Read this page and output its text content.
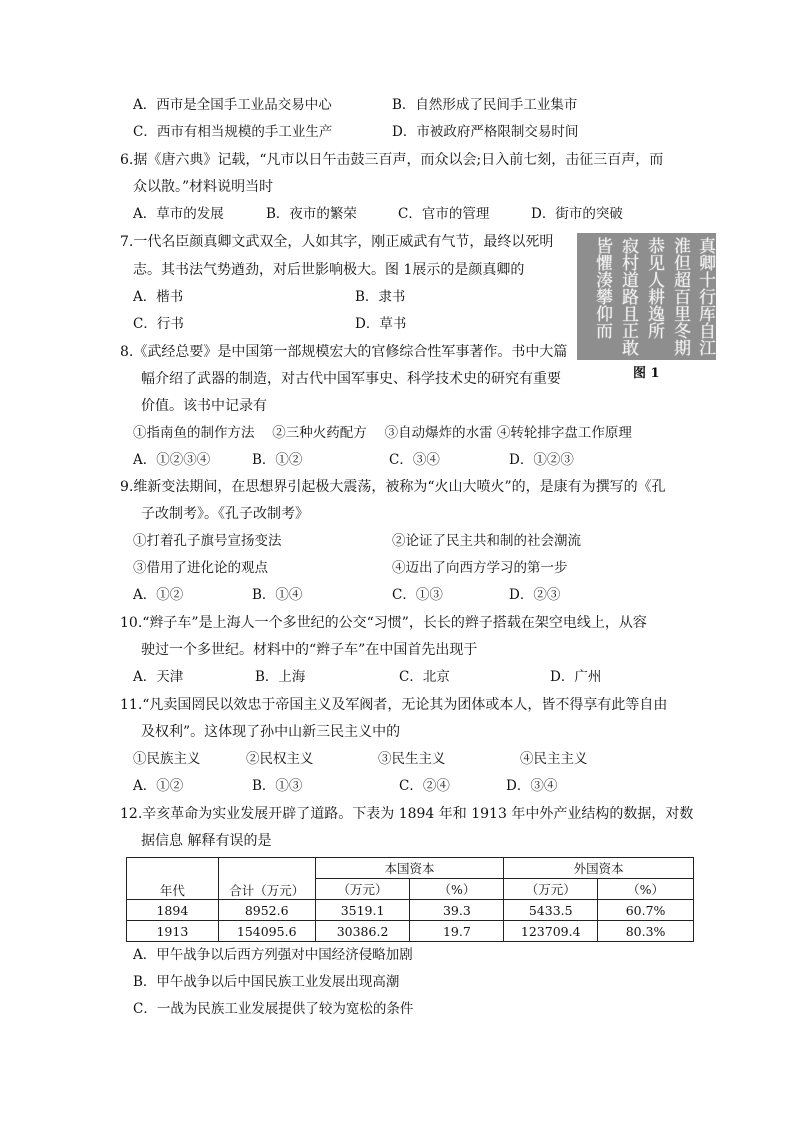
A．西市是全国手工业品交易中心	B．自然形成了民间手工业集市
C．西市有相当规模的手工业生产	D．市被政府严格限制交易时间
6.据《唐六典》记载，“凡市以日午击鼓三百声，而众以会;日入前七刻，击征三百声，而
众以散。”材料说明当时
A．草市的发展	B．夜市的繁荣	C．官市的管理	D．街市的突破
7.一代名臣颜真卿文武双全，人如其字，刚正威武有气节，最终以死明
志。其书法气势遒劲，对后世影响极大。图 1展示的是颜真卿的
A．楷书	B．隶书
C．行书	D．草书	真卿十行厍自江
淮但超百里冬期
恭见人耕逸所
寂村道路且正敢
皆懼湊攀仰而
图 1
8.《武经总要》是中国第一部规模宏大的官修综合性军事著作。书中大篇
幅介绍了武器的制造，对古代中国军事史、科学技术史的研究有重要
价值。该书中记录有
①指南鱼的制作方法　 ②三种火药配方　 ③自动爆炸的水雷 ④转轮排字盘工作原理
A．①②③④	B．①②	C．③④	D．①②③
9.维新变法期间，在思想界引起极大震荡，被称为“火山大喷火”的，是康有为撰写的《孔
子改制考》。《孔子改制考》
①打着孔子旗号宣扬变法	②论证了民主共和制的社会潮流
③借用了进化论的观点	④迈出了向西方学习的第一步
A．①②	B．①④	C．①③	D．②③
10.“辫子车”是上海人一个多世纪的公交“习惯”，长长的辫子搭载在架空电线上，从容
驶过一个多世纪。材料中的“辫子车”在中国首先出现于
A．天津	B．上海	C．北京	D．广州
11.“凡卖国罔民以效忠于帝国主义及军阀者，无论其为团体或本人，皆不得享有此等自由
及权利”。这体现了孙中山新三民主义中的
①民族主义	②民权主义	③民生主义	④民主主义
A．①②	B．①③	C．②④	D．③④
12.辛亥革命为实业发展开辟了道路。下表为 1894 年和 1913 年中外产业结构的数据，对数
据信息 解释有误的是
年代	合计（万元）	本国资本		外国资本	
		（万元）	（%）	（万元）	（%）
1894	8952.6	3519.1	39.3	5433.5	60.7%
1913	154095.6	30386.2	19.7	123709.4	80.3%
A．甲午战争以后西方列强对中国经济侵略加剧
B．甲午战争以后中国民族工业发展出现高潮
C．一战为民族工业发展提供了较为宽松的条件
